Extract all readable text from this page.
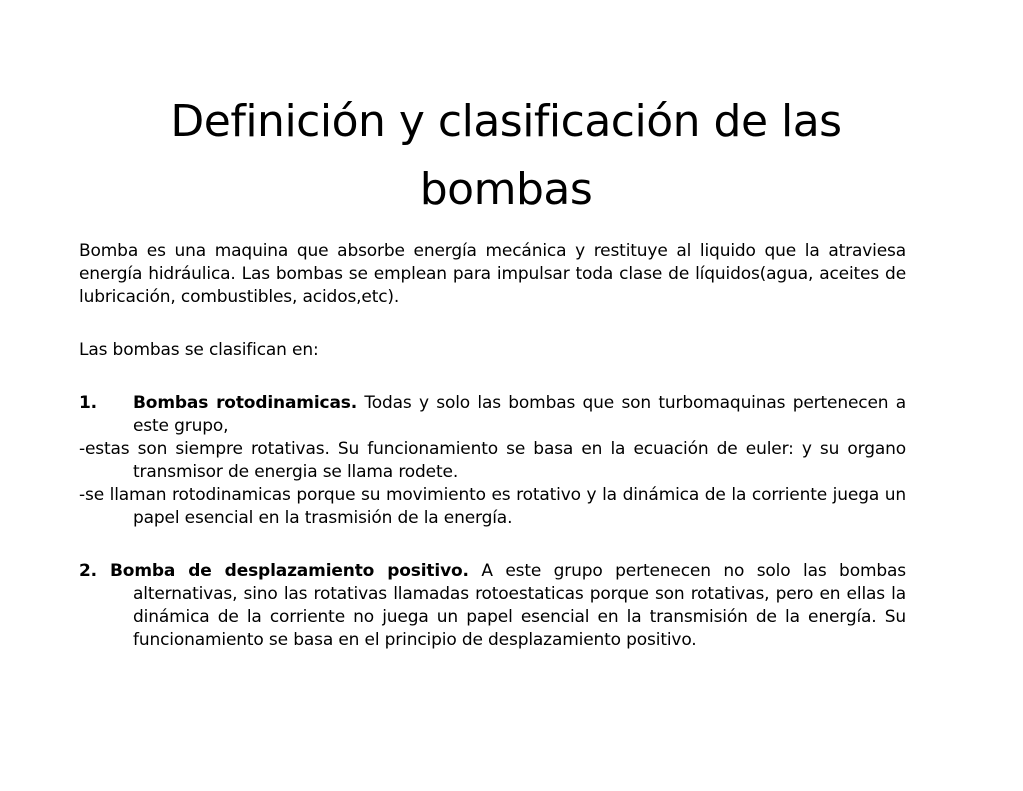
Definición y clasificación de las bombas

Bomba es una maquina que absorbe energía mecánica y restituye al liquido que la atraviesa energía hidráulica. Las bombas se emplean para impulsar toda clase de líquidos(agua, aceites de lubricación, combustibles, acidos,etc).

Las bombas se clasifican en:

1.	Bombas rotodinamicas. Todas y solo las bombas que son turbomaquinas pertenecen a este grupo,

-estas son siempre rotativas. Su funcionamiento se basa en la ecuación de euler: y su organo transmisor de energia se llama rodete.

-se llaman rotodinamicas porque su movimiento es rotativo y la dinámica de la corriente juega un papel esencial en la trasmisión de la energía.

2. Bomba de desplazamiento positivo. A este grupo pertenecen no solo las bombas alternativas, sino las rotativas llamadas rotoestaticas porque son rotativas, pero en ellas la dinámica de la corriente no juega un papel esencial en la transmisión de la energía. Su funcionamiento se basa en el principio de desplazamiento positivo.
